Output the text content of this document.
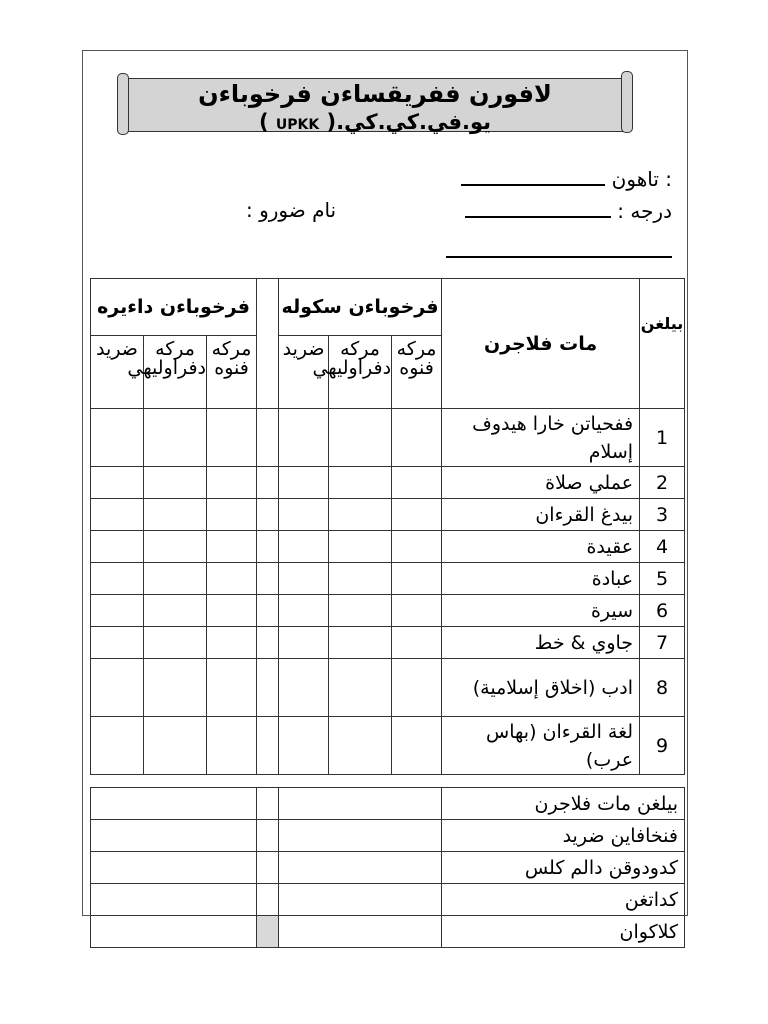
لافورن ففريقساءن فرخوباءن
يو.في.كي.كي.( UPKK )
: تاهون
درجه :
نام ضورو :
بيلغن	مات فلاجرن	فرخوباءن سكوله				فرخوباءن داءيره		
		مركه فنوه	مركه دفراوليهي	ضريد		مركه فنوه	مركه دفراوليهي	ضريد
1	ففحياتن خارا هيدوف إسلام							
2	عملي صلاة							
3	بيدغ القرءان							
4	عقيدة							
5	عبادة							
6	سيرة							
7	جاوي & خط							
8	ادب (اخلاق إسلامية)							
9	لغة القرءان (بهاس عرب)							
بيلغن مات فلاجرن			
فنخافاين ضريد			
كدودوقن دالم كلس			
كداتغن			
كلاكوان			
